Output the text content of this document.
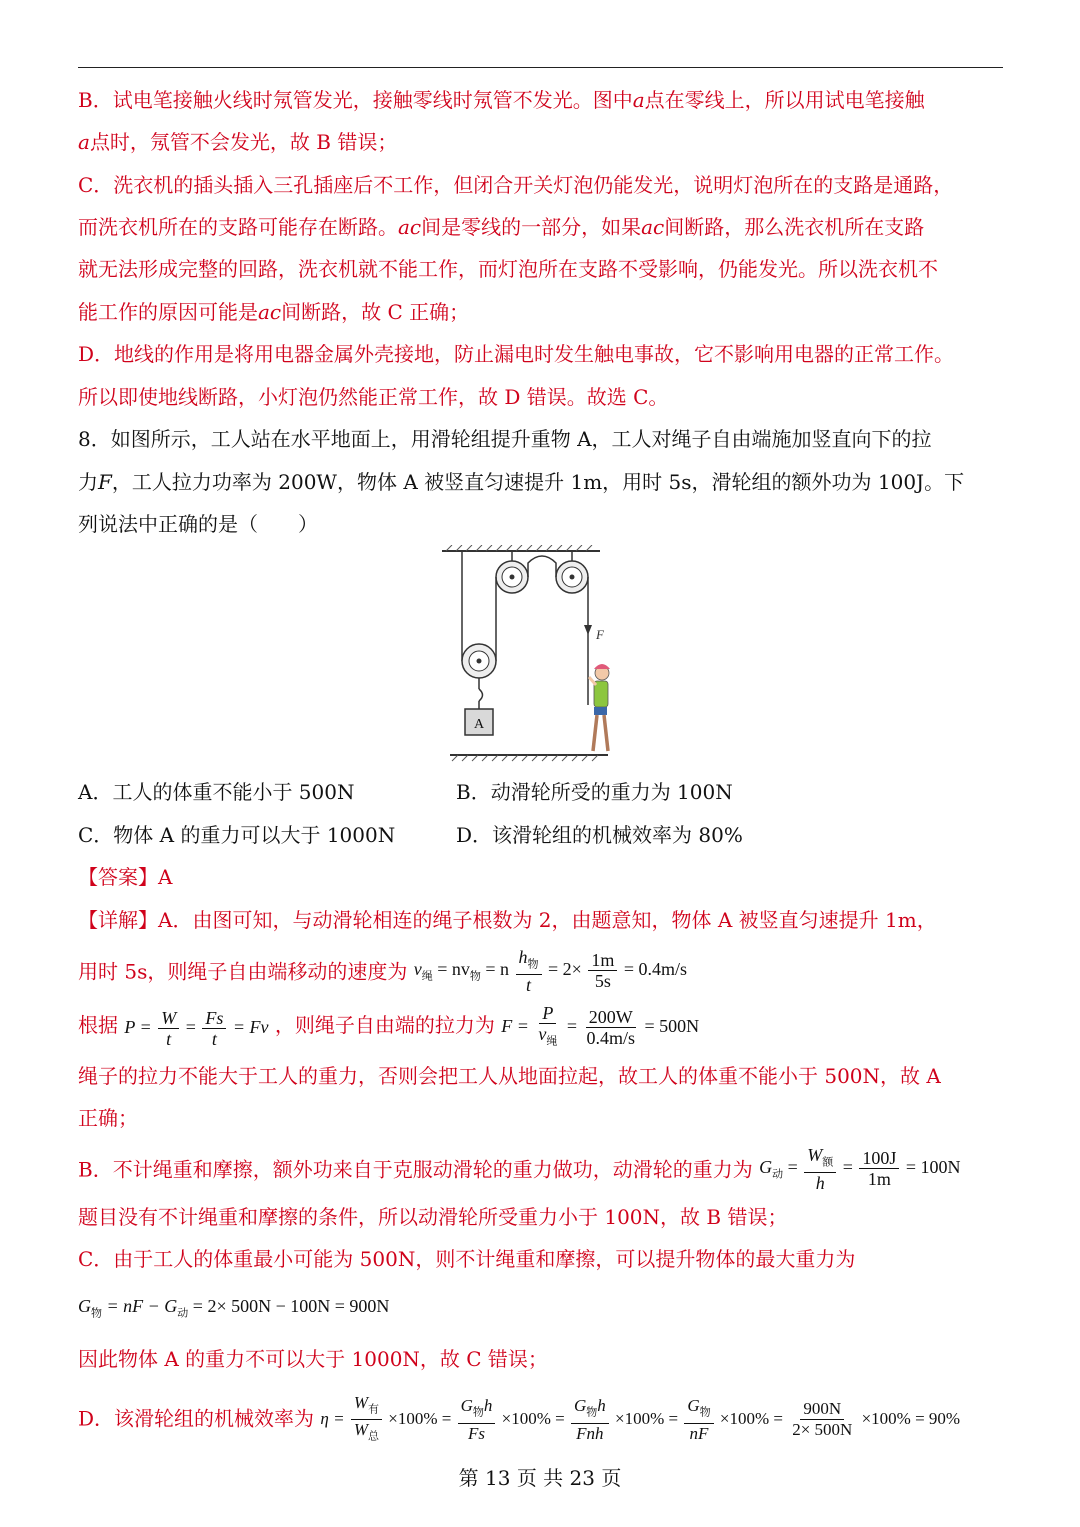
B．试电笔接触火线时氖管发光，接触零线时氖管不发光。图中a点在零线上，所以用试电笔接触
a点时，氖管不会发光，故 B 错误；
C．洗衣机的插头插入三孔插座后不工作，但闭合开关灯泡仍能发光，说明灯泡所在的支路是通路，
而洗衣机所在的支路可能存在断路。ac间是零线的一部分，如果ac间断路，那么洗衣机所在支路
就无法形成完整的回路，洗衣机就不能工作，而灯泡所在支路不受影响，仍能发光。所以洗衣机不
能工作的原因可能是ac间断路，故 C 正确；
D．地线的作用是将用电器金属外壳接地，防止漏电时发生触电事故，它不影响用电器的正常工作。
所以即使地线断路，小灯泡仍然能正常工作，故 D 错误。故选 C。
8．如图所示，工人站在水平地面上，用滑轮组提升重物 A，工人对绳子自由端施加竖直向下的拉
力F，工人拉力功率为 200W，物体 A 被竖直匀速提升 1m，用时 5s，滑轮组的额外功为 100J。下
列说法中正确的是（　　）
F
A
A．工人的体重不能小于 500N	B．动滑轮所受的重力为 100N
C．物体 A 的重力可以大于 1000N	D．该滑轮组的机械效率为 80%
【答案】A
【详解】A．由图可知，与动滑轮相连的绳子根数为 2，由题意知，物体 A 被竖直匀速提升 1m，
用时 5s，则绳子自由端移动的速度为 $v_绳 = nv_物 = n \frac{h_物}{t} = 2\times \frac{1m}{5s} = 0.4m/s$
根据 $P = \frac{W}{t} = \frac{Fs}{t} = Fv$ ，则绳子自由端的拉力为 $F = \frac{P}{v_绳} = \frac{200W}{0.4m/s} = 500N$
绳子的拉力不能大于工人的重力，否则会把工人从地面拉起，故工人的体重不能小于 500N，故 A
正确；
B．不计绳重和摩擦，额外功来自于克服动滑轮的重力做功，动滑轮的重力为 $G_动 = \frac{W_额}{h} = \frac{100J}{1m} = 100N$
题目没有不计绳重和摩擦的条件，所以动滑轮所受重力小于 100N，故 B 错误；
C．由于工人的体重最小可能为 500N，则不计绳重和摩擦，可以提升物体的最大重力为
$G_物$ = nF − $G_动 = 2\times 500N - 100N = 900N$
因此物体 A 的重力不可以大于 1000N，故 C 错误；
D．该滑轮组的机械效率为 $\eta = \frac{W_有}{W_总} \times 100\% = \frac{G_物h}{Fs} \times 100\% = \frac{G_物h}{\text{Fnh}} \times 100\% = \frac{G_物}{nF} \times 100\% = \frac{900N}{2\times 500N} \times 100\% = 90\%$
第 13 页 共 23 页
